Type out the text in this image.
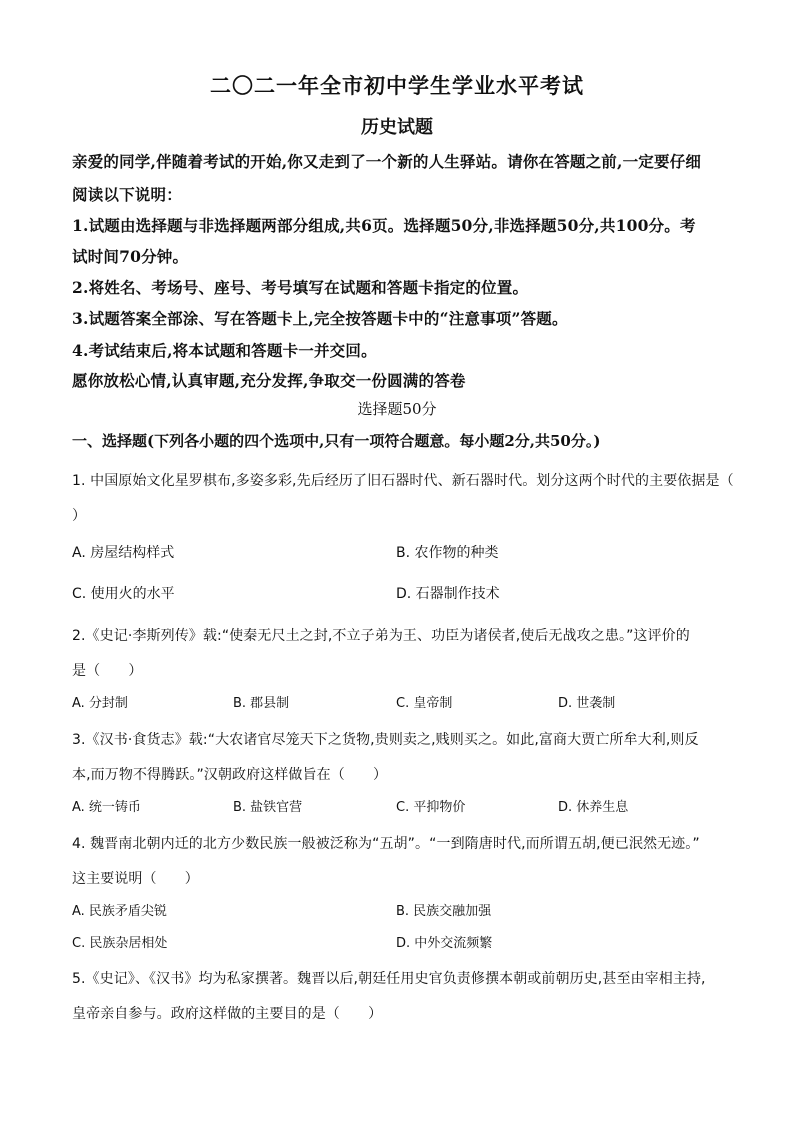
二〇二一年全市初中学生学业水平考试
历史试题
亲爱的同学,伴随着考试的开始,你又走到了一个新的人生驿站。请你在答题之前,一定要仔细
阅读以下说明：
1.试题由选择题与非选择题两部分组成,共6页。选择题50分,非选择题50分,共100分。考
试时间70分钟。
2.将姓名、考场号、座号、考号填写在试题和答题卡指定的位置。
3.试题答案全部涂、写在答题卡上,完全按答题卡中的“注意事项”答题。
4.考试结束后,将本试题和答题卡一并交回。
愿你放松心情,认真审题,充分发挥,争取交一份圆满的答卷
选择题50分
一、选择题(下列各小题的四个选项中,只有一项符合题意。每小题2分,共50分。)
1. 中国原始文化星罗棋布,多姿多彩,先后经历了旧石器时代、新石器时代。划分这两个时代的主要依据是（
）
A. 房屋结构样式	B. 农作物的种类
C. 使用火的水平	D. 石器制作技术
2.《史记·李斯列传》载:“使秦无尺土之封,不立子弟为王、功臣为诸侯者,使后无战攻之患。”这评价的
是（　　）
A. 分封制	B. 郡县制	C. 皇帝制	D. 世袭制
3.《汉书·食货志》载:“大农诸官尽笼天下之货物,贵则卖之,贱则买之。如此,富商大贾亡所牟大利,则反
本,而万物不得腾跃。”汉朝政府这样做旨在（　　）
A. 统一铸币	B. 盐铁官营	C. 平抑物价	D. 休养生息
4. 魏晋南北朝内迁的北方少数民族一般被泛称为“五胡”。“一到隋唐时代,而所谓五胡,便已泯然无迹。”
这主要说明（　　）
A. 民族矛盾尖锐	B. 民族交融加强
C. 民族杂居相处	D. 中外交流频繁
5.《史记》、《汉书》均为私家撰著。魏晋以后,朝廷任用史官负责修撰本朝或前朝历史,甚至由宰相主持,
皇帝亲自参与。政府这样做的主要目的是（　　）
